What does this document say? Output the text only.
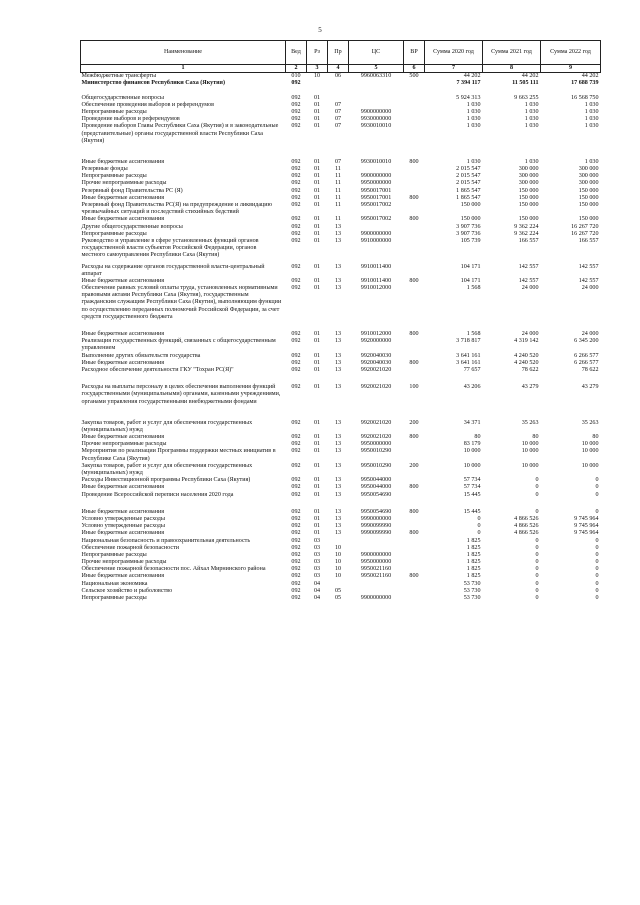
5
Наименование	Вед	Рз	Пр	ЦС	ВР	Сумма 2020 год	Сумма 2021 год	Сумма 2022 год
1	2	3	4	5	6	7	8	9
Межбюджетные трансферты	010	10	06	9960063310	500	44 202	44 202	44 202
Министерство финансов Республики Саха (Якутия)	092					7 394 117	11 505 111	17 688 739
Общегосударственные вопросы	092	01				5 924 313	9 663 255	16 568 750
Обеспечение проведения выборов и референдумов	092	01	07			1 030	1 030	1 030
Непрограммные расходы	092	01	07	9900000000		1 030	1 030	1 030
Проведение выборов и референдумов	092	01	07	9930000000		1 030	1 030	1 030
Проведение выборов Главы Республики Саха (Якутия) и в законодательные (представительные) органы государственной власти Республики Саха (Якутия)	092	01	07	9930010010		1 030	1 030	1 030
Иные бюджетные ассигнования	092	01	07	9930010010	800	1 030	1 030	1 030
Резервные фонды	092	01	11			2 015 547	300 000	300 000
Непрограммные расходы	092	01	11	9900000000		2 015 547	300 000	300 000
Прочие непрограммные расходы	092	01	11	9950000000		2 015 547	300 000	300 000
Резервный фонд Правительства РС (Я)	092	01	11	9950017001		1 865 547	150 000	150 000
Иные бюджетные ассигнования	092	01	11	9950017001	800	1 865 547	150 000	150 000
Резервный фонд Правительства РС(Я) на предупреждение и ликвидацию чрезвычайных ситуаций и последствий стихийных бедствий	092	01	11	9950017002		150 000	150 000	150 000
Иные бюджетные ассигнования	092	01	11	9950017002	800	150 000	150 000	150 000
Другие общегосударственные вопросы	092	01	13			3 907 736	9 362 224	16 267 720
Непрограммные расходы	092	01	13	9900000000		3 907 736	9 362 224	16 267 720
Руководство и управление в сфере установленных функций органов государственной власти субъектов Российской Федерации, органов местного самоуправления Республики Саха (Якутия)	092	01	13	9910000000		105 739	166 557	166 557
Расходы на содержание органов государственной власти-центральный аппарат	092	01	13	9910011400		104 171	142 557	142 557
Иные бюджетные ассигнования	092	01	13	9910011400	800	104 171	142 557	142 557
Обеспечение равных условий оплаты труда, установленных нормативными правовыми актами Республики Саха (Якутия), государственным гражданским служащим Республики Саха (Якутия), выполняющим функции по осуществлению переданных полномочий Российской Федерации, за счет средств государственного бюджета	092	01	13	9910012000		1 568	24 000	24 000
Иные бюджетные ассигнования	092	01	13	9910012000	800	1 568	24 000	24 000
Реализация государственных функций, связанных с общегосударственным управлением	092	01	13	9920000000		3 718 817	4 319 142	6 345 200
Выполнение других обязательств государства	092	01	13	9920040030		3 641 161	4 240 520	6 266 577
Иные бюджетные ассигнования	092	01	13	9920040030	800	3 641 161	4 240 520	6 266 577
Расходное обеспечение деятельности ГКУ "Тохран РС(Я)"	092	01	13	9920021020		77 657	78 622	78 622
Расходы на выплаты персоналу в целях обеспечения выполнения функций государственными (муниципальными) органами, казенными учреждениями, органами управления государственными внебюджетными фондами	092	01	13	9920021020	100	43 206	43 279	43 279
Закупка товаров, работ и услуг для обеспечения государственных (муниципальных) нужд	092	01	13	9920021020	200	34 371	35 263	35 263
Иные бюджетные ассигнования	092	01	13	9920021020	800	80	80	80
Прочие непрограммные расходы	092	01	13	9950000000		83 179	10 000	10 000
Мероприятия по реализации Программы поддержки местных инициатив в Республике Саха (Якутия)	092	01	13	9950010290		10 000	10 000	10 000
Закупка товаров, работ и услуг для обеспечения государственных (муниципальных) нужд	092	01	13	9950010290	200	10 000	10 000	10 000
Расходы Инвестиционной программы Республики Саха (Якутия)	092	01	13	9950044000		57 734	0	0
Иные бюджетные ассигнования	092	01	13	9950044000	800	57 734	0	0
Проведение Всероссийской переписи населения 2020 года	092	01	13	9950054690		15 445	0	0
Иные бюджетные ассигнования	092	01	13	9950054690	800	15 445	0	0
Условно утвержденные расходы	092	01	13	9990000000		0	4 866 526	9 745 964
Условно утвержденные расходы	092	01	13	9990099990		0	4 866 526	9 745 964
Иные бюджетные ассигнования	092	01	13	9990099990	800	0	4 866 526	9 745 964
Национальная безопасность и правоохранительная деятельность	092	03				1 825	0	0
Обеспечение пожарной безопасности	092	03	10			1 825	0	0
Непрограммные расходы	092	03	10	9900000000		1 825	0	0
Прочие непрограммные расходы	092	03	10	9950000000		1 825	0	0
Обеспечение пожарной безопасности пос. Айхал Мирнинского района	092	03	10	9950021160		1 825	0	0
Иные бюджетные ассигнования	092	03	10	9950021160	800	1 825	0	0
Национальная экономика	092	04				53 730	0	0
Сельское хозяйство и рыболовство	092	04	05			53 730	0	0
Непрограммные расходы	092	04	05	9900000000		53 730	0	0
